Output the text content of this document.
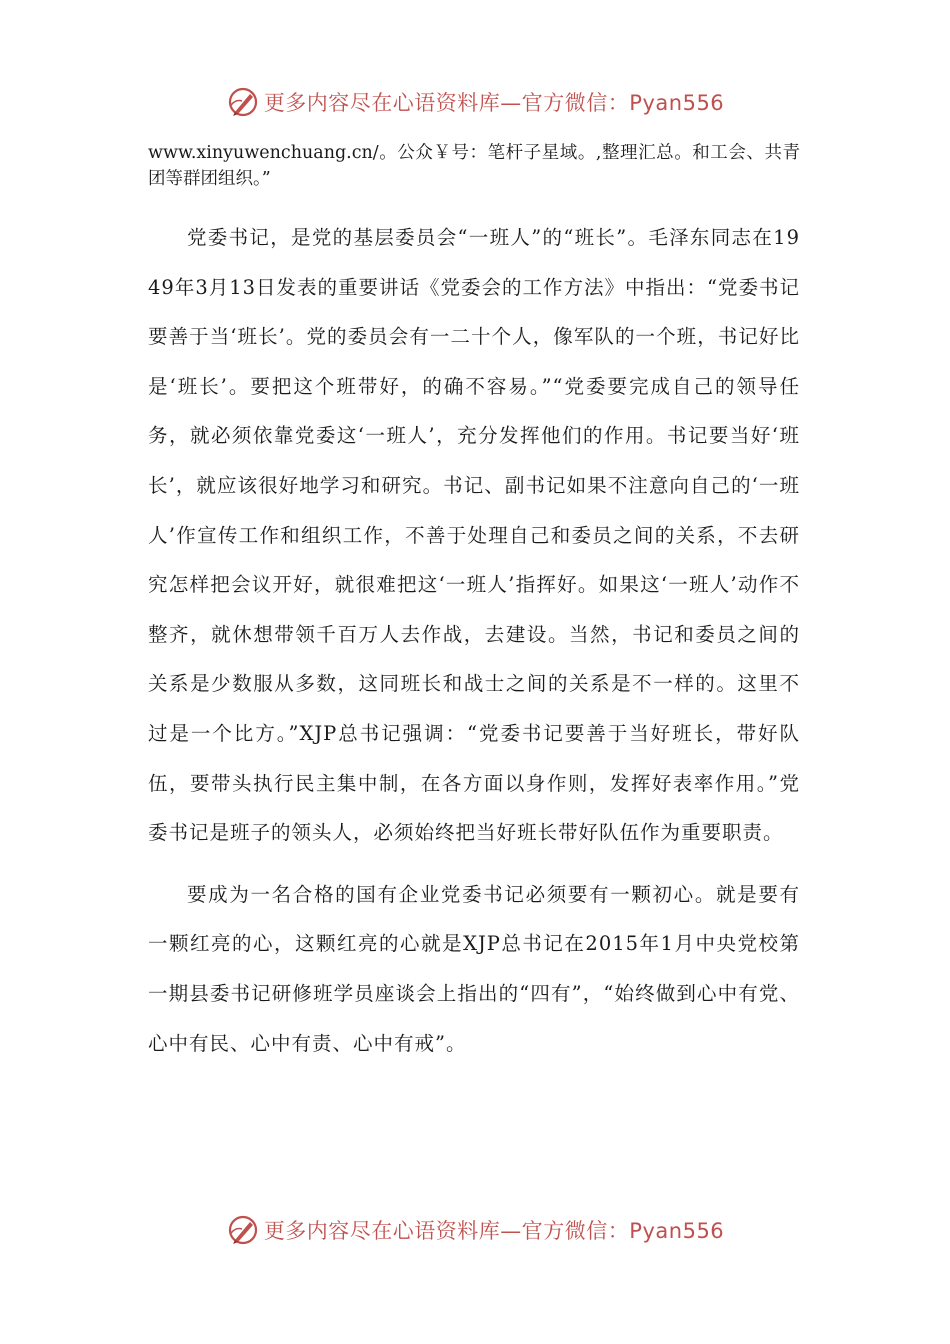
更多内容尽在心语资料库—官方微信：Pyan556

www.xinyuwenchuang.cn/。公众￥号：笔杆子星域。,整理汇总。和工会、共青团等群团组织。”

党委书记，是党的基层委员会“一班人”的“班长”。毛泽东同志在1949年3月13日发表的重要讲话《党委会的工作方法》中指出：“党委书记要善于当‘班长’。党的委员会有一二十个人，像军队的一个班，书记好比是‘班长’。要把这个班带好，的确不容易。”“党委要完成自己的领导任务，就必须依靠党委这‘一班人’，充分发挥他们的作用。书记要当好‘班长’，就应该很好地学习和研究。书记、副书记如果不注意向自己的‘一班人’作宣传工作和组织工作，不善于处理自己和委员之间的关系，不去研究怎样把会议开好，就很难把这‘一班人’指挥好。如果这‘一班人’动作不整齐，就休想带领千百万人去作战，去建设。当然，书记和委员之间的关系是少数服从多数，这同班长和战士之间的关系是不一样的。这里不过是一个比方。”XJP总书记强调：“党委书记要善于当好班长，带好队伍，要带头执行民主集中制，在各方面以身作则，发挥好表率作用。”党委书记是班子的领头人，必须始终把当好班长带好队伍作为重要职责。

要成为一名合格的国有企业党委书记必须要有一颗初心。就是要有一颗红亮的心，这颗红亮的心就是XJP总书记在2015年1月中央党校第一期县委书记研修班学员座谈会上指出的“四有”，“始终做到心中有党、心中有民、心中有责、心中有戒”。

更多内容尽在心语资料库—官方微信：Pyan556
